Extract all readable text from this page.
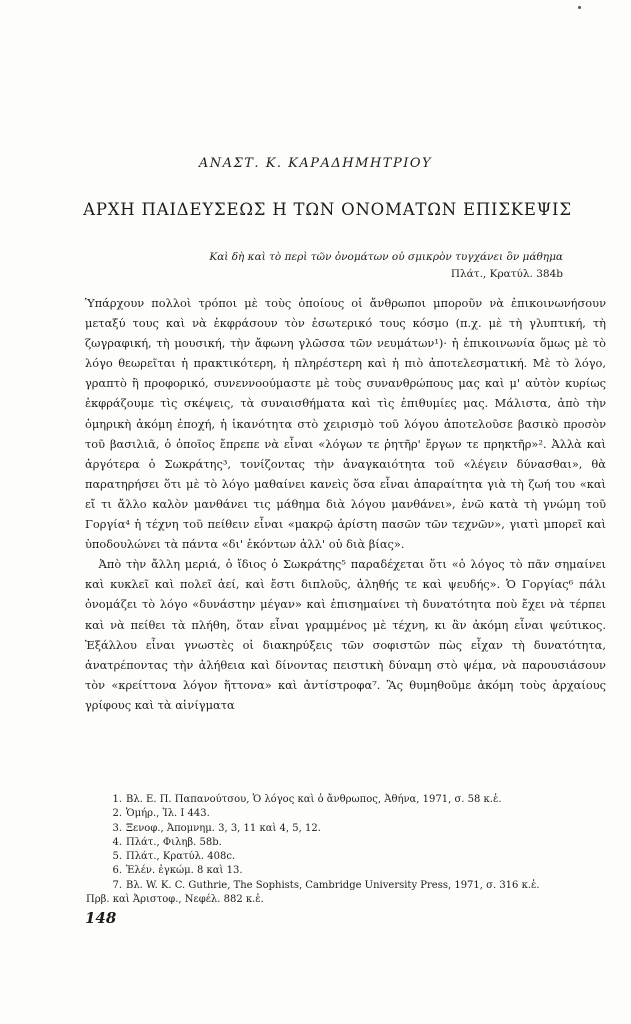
ΑΝΑΣΤ. Κ. ΚΑΡΑΔΗΜΗΤΡΙΟΥ
ΑΡΧΗ ΠΑΙΔΕΥΣΕΩΣ Η ΤΩΝ ΟΝΟΜΑΤΩΝ ΕΠΙΣΚΕΨΙΣ
Καὶ δὴ καὶ τὸ περὶ τῶν ὀνομάτων οὐ σμικρὸν τυγχάνει ὂν μάθημα
Πλάτ., Κρατύλ. 384b

Ὑπάρχουν πολλοὶ τρόποι μὲ τοὺς ὁποίους οἱ ἄνθρωποι μποροῦν νὰ ἐπικοινωνήσουν μεταξύ τους καὶ νὰ ἐκφράσουν τὸν ἐσωτερικό τους κόσμο (π.χ. μὲ τὴ γλυπτική, τὴ ζωγραφική, τὴ μουσική, τὴν ἄφωνη γλῶσσα τῶν νευμάτων¹)· ἡ ἐπικοινωνία ὅμως μὲ τὸ λόγο θεωρεῖται ἡ πρακτικότερη, ἡ πληρέστερη καὶ ἡ πιὸ ἀποτελεσματική. Μὲ τὸ λόγο, γραπτὸ ἢ προφορικό, συνεννοούμαστε μὲ τοὺς συνανθρώπους μας καὶ μ' αὐτὸν κυρίως ἐκφράζουμε τὶς σκέψεις, τὰ συναισθήματα καὶ τὶς ἐπιθυμίες μας. Μάλιστα, ἀπὸ τὴν ὁμηρικὴ ἀκόμη ἐποχή, ἡ ἱκανότητα στὸ χειρισμὸ τοῦ λόγου ἀποτελοῦσε βασικὸ προσὸν τοῦ βασιλιᾶ, ὁ ὁποῖος ἔπρεπε νὰ εἶναι «λόγων τε ῥητῆρ' ἔργων τε πρηκτῆρ»². Ἀλλὰ καὶ ἀργότερα ὁ Σωκράτης³, τονίζοντας τὴν ἀναγκαιότητα τοῦ «λέγειν δύνασθαι», θὰ παρατηρήσει ὅτι μὲ τὸ λόγο μαθαίνει κανεὶς ὅσα εἶναι ἀπαραίτητα γιὰ τὴ ζωή του «καὶ εἴ τι ἄλλο καλὸν μανθάνει τις μάθημα διὰ λόγου μανθάνει», ἐνῶ κατὰ τὴ γνώμη τοῦ Γοργία⁴ ἡ τέχνη τοῦ πείθειν εἶναι «μακρῷ ἀρίστη πασῶν τῶν τεχνῶν», γιατὶ μπορεῖ καὶ ὑποδουλώνει τὰ πάντα «δι' ἑκόντων ἀλλ' οὐ διὰ βίας».

Ἀπὸ τὴν ἄλλη μεριά, ὁ ἴδιος ὁ Σωκράτης⁵ παραδέχεται ὅτι «ὁ λόγος τὸ πᾶν σημαίνει καὶ κυκλεῖ καὶ πολεῖ ἀεί, καὶ ἔστι διπλοῦς, ἀληθής τε καὶ ψευδής». Ὁ Γοργίας⁶ πάλι ὀνομάζει τὸ λόγο «δυνάστην μέγαν» καὶ ἐπισημαίνει τὴ δυνατότητα ποὺ ἔχει νὰ τέρπει καὶ νὰ πείθει τὰ πλήθη, ὅταν εἶναι γραμμένος μὲ τέχνη, κι ἂν ἀκόμη εἶναι ψεύτικος. Ἐξάλλου εἶναι γνωστὲς οἱ διακηρύξεις τῶν σοφιστῶν πὼς εἶχαν τὴ δυνατότητα, ἀνατρέποντας τὴν ἀλήθεια καὶ δίνοντας πειστικὴ δύναμη στὸ ψέμα, νὰ παρουσιάσουν τὸν «κρείττονα λόγον ἥττονα» καὶ ἀντίστροφα⁷. Ἂς θυμηθοῦμε ἀκόμη τοὺς ἀρχαίους γρίφους καὶ τὰ αἰνίγματα

1. Βλ. Ε. Π. Παπανούτσου, Ὁ λόγος καὶ ὁ ἄνθρωπος, Ἀθήνα, 1971, σ. 58 κ.ἑ.
2. Ὁμήρ., Ἰλ. Ι 443.
3. Ξενοφ., Ἀπομνημ. 3, 3, 11 καὶ 4, 5, 12.
4. Πλάτ., Φιληβ. 58b.
5. Πλάτ., Κρατύλ. 408c.
6. Ἑλέν. ἐγκώμ. 8 καὶ 13.
7. Βλ. W. K. C. Guthrie, The Sophists, Cambridge University Press, 1971, σ. 316 κ.ἑ.
Πρβ. καὶ Ἀριστοφ., Νεφέλ. 882 κ.ἑ.
148
